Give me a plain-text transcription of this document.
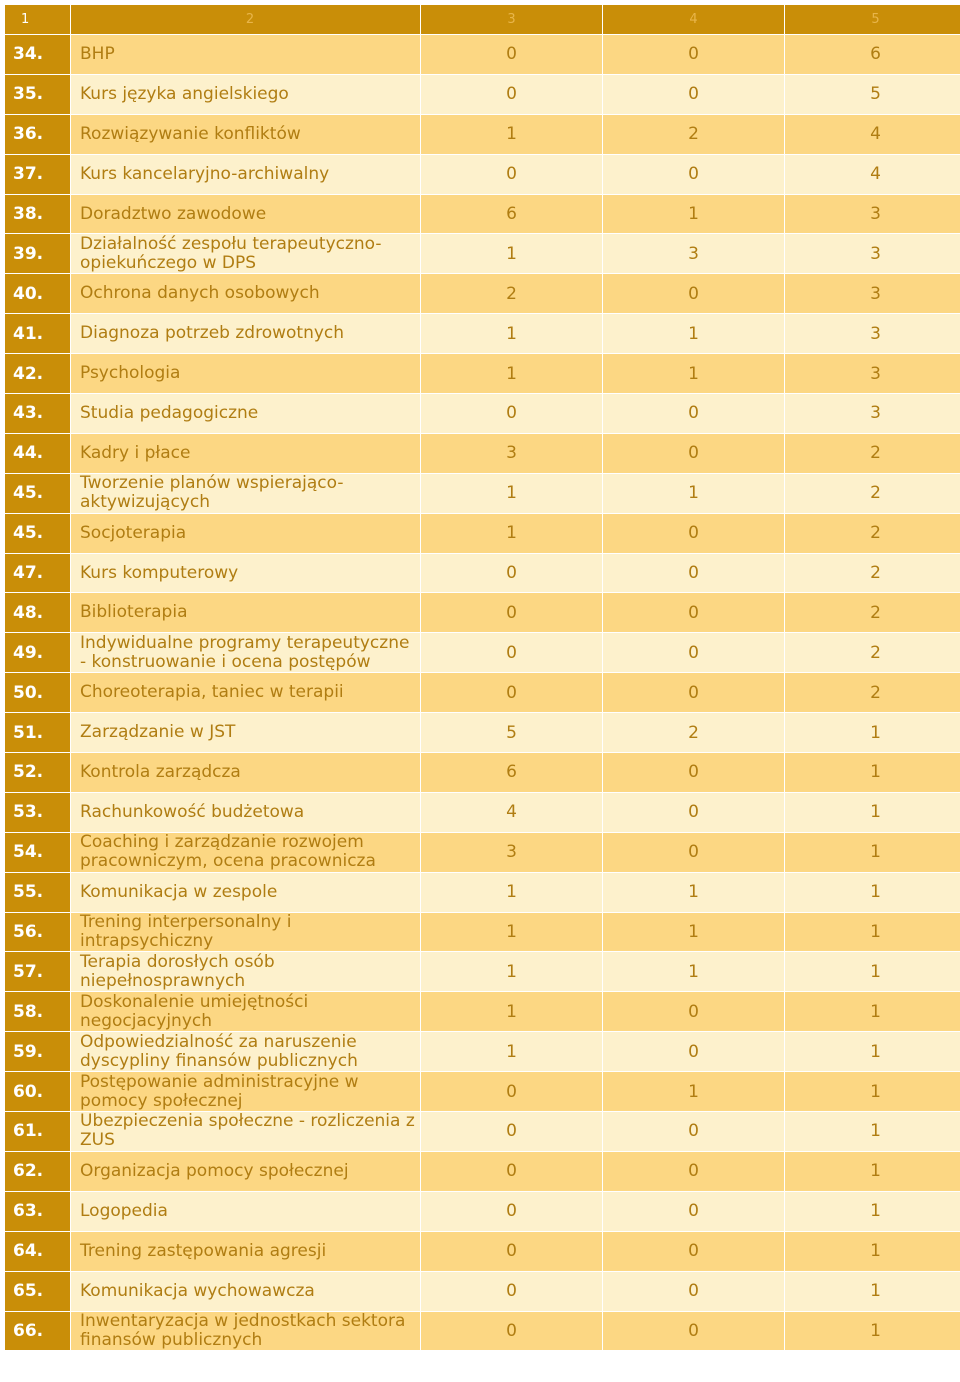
1	2	3	4	5
34.	BHP	0	0	6
35.	Kurs języka angielskiego	0	0	5
36.	Rozwiązywanie konfliktów	1	2	4
37.	Kurs kancelaryjno-archiwalny	0	0	4
38.	Doradztwo zawodowe	6	1	3
39.	Działalność zespołu terapeutyczno-opiekuńczego w DPS	1	3	3
40.	Ochrona danych osobowych	2	0	3
41.	Diagnoza potrzeb zdrowotnych	1	1	3
42.	Psychologia	1	1	3
43.	Studia pedagogiczne	0	0	3
44.	Kadry i płace	3	0	2
45.	Tworzenie planów wspierająco-aktywizujących	1	1	2
45.	Socjoterapia	1	0	2
47.	Kurs komputerowy	0	0	2
48.	Biblioterapia	0	0	2
49.	Indywidualne programy terapeutyczne - konstruowanie i ocena postępów	0	0	2
50.	Choreoterapia, taniec w terapii	0	0	2
51.	Zarządzanie w JST	5	2	1
52.	Kontrola zarządcza	6	0	1
53.	Rachunkowość budżetowa	4	0	1
54.	Coaching i zarządzanie rozwojem pracowniczym, ocena pracownicza	3	0	1
55.	Komunikacja w zespole	1	1	1
56.	Trening interpersonalny i intrapsychiczny	1	1	1
57.	Terapia dorosłych osób niepełnosprawnych	1	1	1
58.	Doskonalenie umiejętności negocjacyjnych	1	0	1
59.	Odpowiedzialność za naruszenie dyscypliny finansów publicznych	1	0	1
60.	Postępowanie administracyjne w pomocy społecznej	0	1	1
61.	Ubezpieczenia społeczne - rozliczenia z ZUS	0	0	1
62.	Organizacja pomocy społecznej	0	0	1
63.	Logopedia	0	0	1
64.	Trening zastępowania agresji	0	0	1
65.	Komunikacja wychowawcza	0	0	1
66.	Inwentaryzacja w jednostkach sektora finansów publicznych	0	0	1
